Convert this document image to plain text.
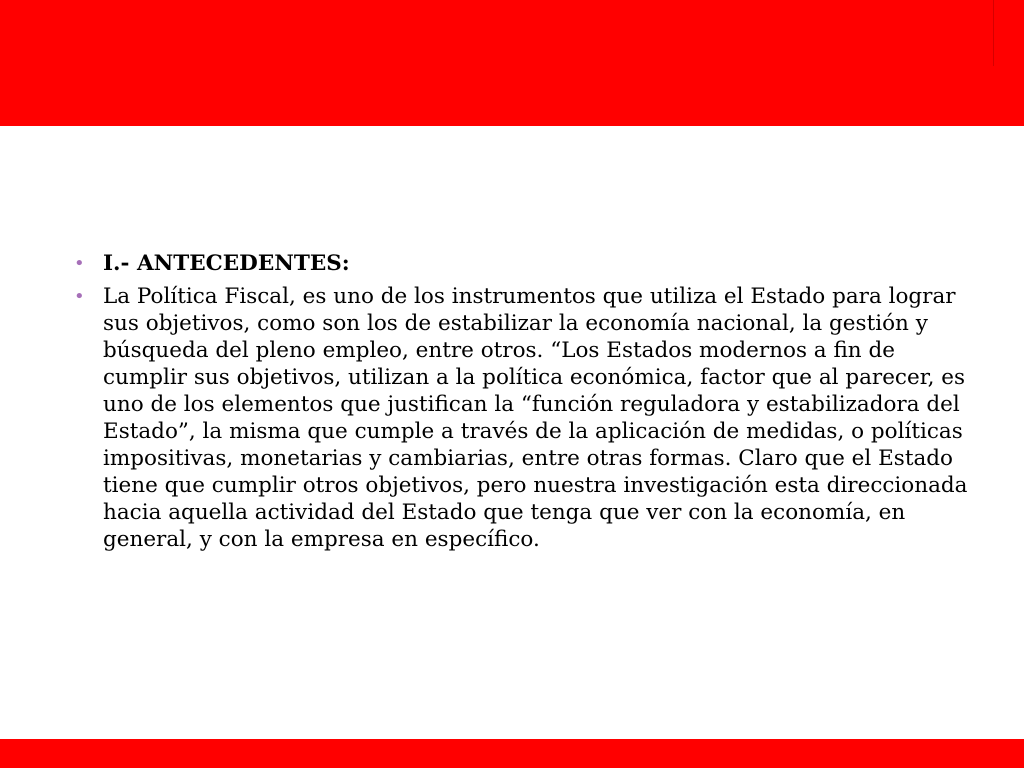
• I.- ANTECEDENTES:
• La Política Fiscal, es uno de los instrumentos que utiliza el Estado para lograr sus objetivos, como son los de estabilizar la economía nacional, la gestión y búsqueda del pleno empleo, entre otros. “Los Estados modernos a fin de cumplir sus objetivos, utilizan a la política económica, factor que al parecer, es uno de los elementos que justifican la “función reguladora y estabilizadora del Estado”, la misma que cumple a través de la aplicación de medidas, o políticas impositivas, monetarias y cambiarias, entre otras formas. Claro que el Estado tiene que cumplir otros objetivos, pero nuestra investigación esta direccionada hacia aquella actividad del Estado que tenga que ver con la economía, en general, y con la empresa en específico.
